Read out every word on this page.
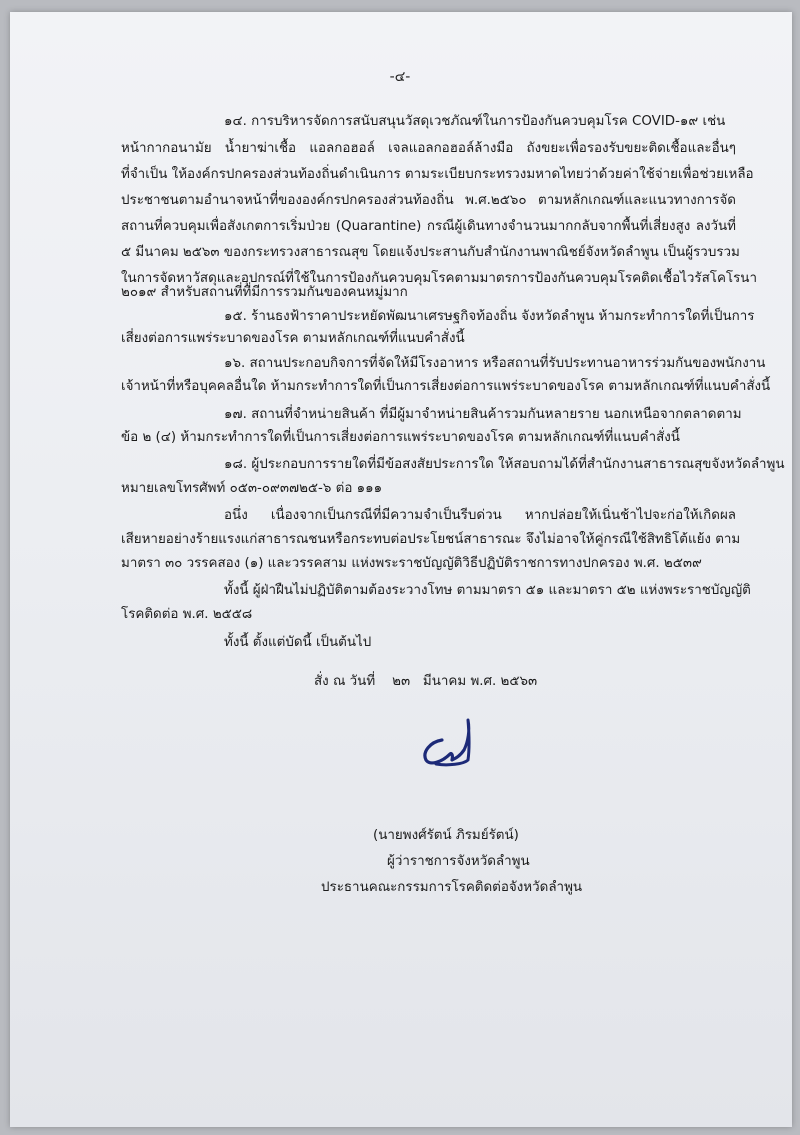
-๔-
๑๔. การบริหารจัดการสนับสนุนวัสดุเวชภัณฑ์ในการป้องกันควบคุมโรค COVID-๑๙ เช่น
หน้ากากอนามัย น้ำยาฆ่าเชื้อ แอลกอฮอล์ เจลแอลกอฮอล์ล้างมือ ถังขยะเพื่อรองรับขยะติดเชื้อและอื่นๆ
ที่จำเป็น ให้องค์กรปกครองส่วนท้องถิ่นดำเนินการ ตามระเบียบกระทรวงมหาดไทยว่าด้วยค่าใช้จ่ายเพื่อช่วยเหลือ
ประชาชนตามอำนาจหน้าที่ขององค์กรปกครองส่วนท้องถิ่น พ.ศ.๒๕๖๐ ตามหลักเกณฑ์และแนวทางการจัด
สถานที่ควบคุมเพื่อสังเกตการเริ่มป่วย (Quarantine) กรณีผู้เดินทางจำนวนมากกลับจากพื้นที่เสี่ยงสูง ลงวันที่
๕ มีนาคม ๒๕๖๓ ของกระทรวงสาธารณสุข โดยแจ้งประสานกับสำนักงานพาณิชย์จังหวัดลำพูน เป็นผู้รวบรวม
ในการจัดหาวัสดุและอุปกรณ์ที่ใช้ในการป้องกันควบคุมโรคตามมาตรการป้องกันควบคุมโรคติดเชื้อไวรัสโคโรนา
๒๐๑๙ สำหรับสถานที่ที่มีการรวมกันของคนหมู่มาก
๑๕. ร้านธงฟ้าราคาประหยัดพัฒนาเศรษฐกิจท้องถิ่น จังหวัดลำพูน ห้ามกระทำการใดที่เป็นการ
เสี่ยงต่อการแพร่ระบาดของโรค ตามหลักเกณฑ์ที่แนบคำสั่งนี้
๑๖. สถานประกอบกิจการที่จัดให้มีโรงอาหาร หรือสถานที่รับประทานอาหารร่วมกันของพนักงาน
เจ้าหน้าที่หรือบุคคลอื่นใด ห้ามกระทำการใดที่เป็นการเสี่ยงต่อการแพร่ระบาดของโรค ตามหลักเกณฑ์ที่แนบคำสั่งนี้
๑๗. สถานที่จำหน่ายสินค้า ที่มีผู้มาจำหน่ายสินค้ารวมกันหลายราย นอกเหนือจากตลาดตาม
ข้อ ๒ (๔) ห้ามกระทำการใดที่เป็นการเสี่ยงต่อการแพร่ระบาดของโรค ตามหลักเกณฑ์ที่แนบคำสั่งนี้
๑๘. ผู้ประกอบการรายใดที่มีข้อสงสัยประการใด ให้สอบถามได้ที่สำนักงานสาธารณสุขจังหวัดลำพูน
หมายเลขโทรศัพท์ ๐๕๓-๐๙๓๗๒๕-๖ ต่อ ๑๑๑
อนึ่ง เนื่องจากเป็นกรณีที่มีความจำเป็นรีบด่วน หากปล่อยให้เนิ่นช้าไปจะก่อให้เกิดผล
เสียหายอย่างร้ายแรงแก่สาธารณชนหรือกระทบต่อประโยชน์สาธารณะ จึงไม่อาจให้คู่กรณีใช้สิทธิโต้แย้ง ตาม
มาตรา ๓๐ วรรคสอง (๑) และวรรคสาม แห่งพระราชบัญญัติวิธีปฏิบัติราชการทางปกครอง พ.ศ. ๒๕๓๙
ทั้งนี้ ผู้ฝ่าฝืนไม่ปฏิบัติตามต้องระวางโทษ ตามมาตรา ๕๑ และมาตรา ๕๒ แห่งพระราชบัญญัติ
โรคติดต่อ พ.ศ. ๒๕๕๘
ทั้งนี้ ตั้งแต่บัดนี้ เป็นต้นไป
สั่ง ณ วันที่    ๒๓   มีนาคม พ.ศ. ๒๕๖๓
(นายพงศ์รัตน์ ภิรมย์รัตน์)
ผู้ว่าราชการจังหวัดลำพูน
ประธานคณะกรรมการโรคติดต่อจังหวัดลำพูน
